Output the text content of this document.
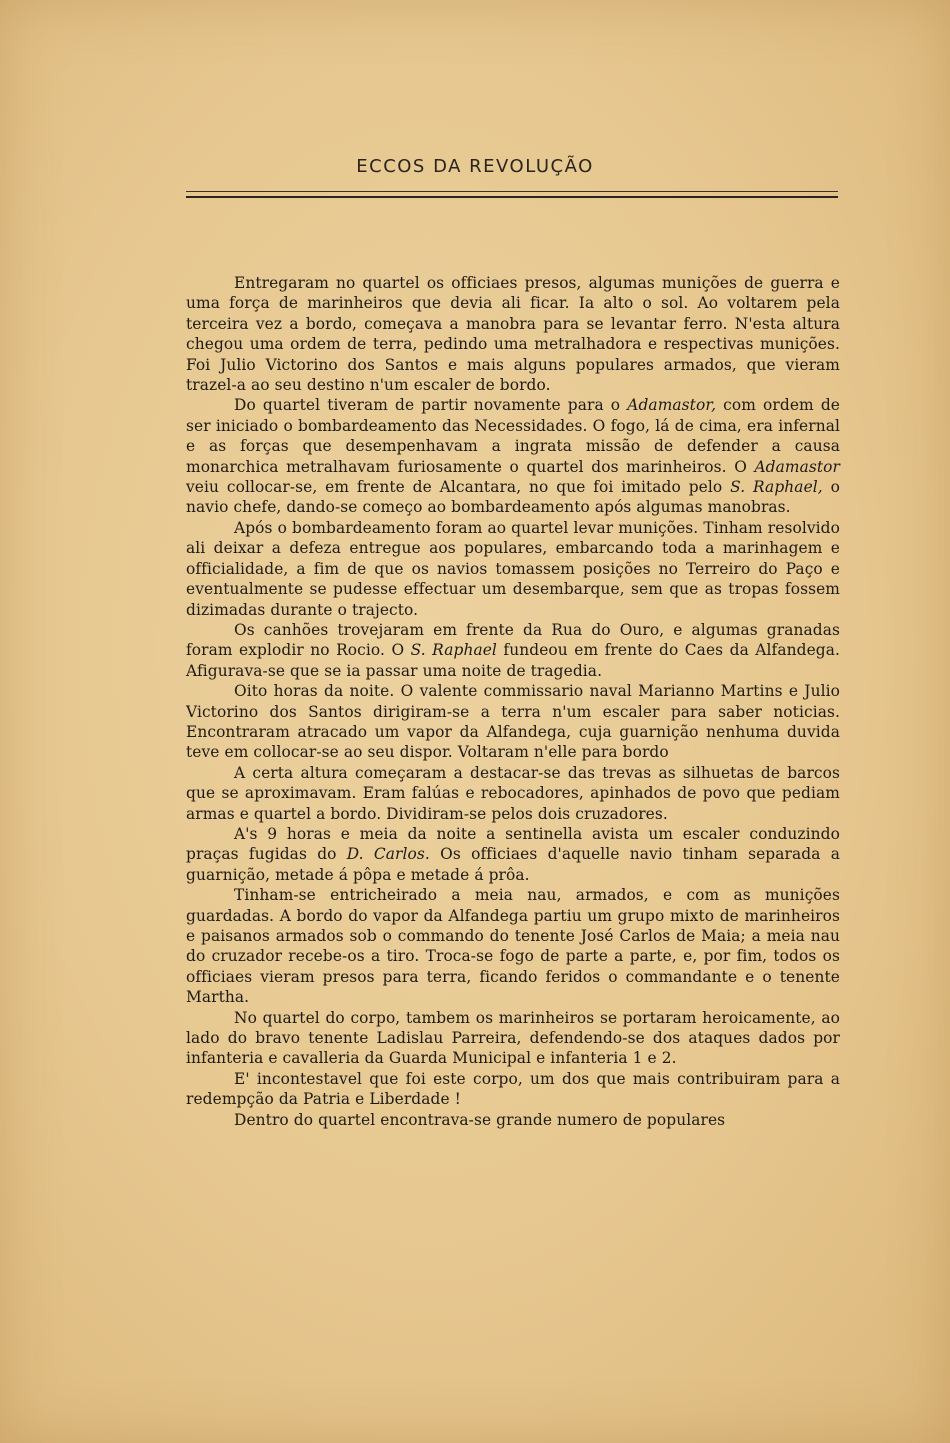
ECCOS DA REVOLUÇÃO

Entregaram no quartel os officiaes presos, algumas munições de guerra e uma força de marinheiros que devia ali ficar. Ia alto o sol. Ao voltarem pela terceira vez a bordo, começava a manobra para se levantar ferro. N'esta altura chegou uma ordem de terra, pedindo uma metralhadora e respectivas munições. Foi Julio Victorino dos Santos e mais alguns populares armados, que vieram trazel-a ao seu destino n'um escaler de bordo.

Do quartel tiveram de partir novamente para o Adamastor, com ordem de ser iniciado o bombardeamento das Necessidades. O fogo, lá de cima, era infernal e as forças que desempenhavam a ingrata missão de defender a causa monarchica metralhavam furiosamente o quartel dos marinheiros. O Adamastor veiu collocar-se, em frente de Alcantara, no que foi imitado pelo S. Raphael, o navio chefe, dando-se começo ao bombardeamento após algumas manobras.

Após o bombardeamento foram ao quartel levar munições. Tinham resolvido ali deixar a defeza entregue aos populares, embarcando toda a marinhagem e officialidade, a fim de que os navios tomassem posições no Terreiro do Paço e eventualmente se pudesse effectuar um desembarque, sem que as tropas fossem dizimadas durante o trajecto.

Os canhões trovejaram em frente da Rua do Ouro, e algumas granadas foram explodir no Rocio. O S. Raphael fundeou em frente do Caes da Alfandega. Afigurava-se que se ia passar uma noite de tragedia.

Oito horas da noite. O valente commissario naval Marianno Martins e Julio Victorino dos Santos dirigiram-se a terra n'um escaler para saber noticias. Encontraram atracado um vapor da Alfandega, cuja guarnição nenhuma duvida teve em collocar-se ao seu dispor. Voltaram n'elle para bordo

A certa altura começaram a destacar-se das trevas as silhuetas de barcos que se aproximavam. Eram falúas e rebocadores, apinhados de povo que pediam armas e quartel a bordo. Dividiram-se pelos dois cruzadores.

A's 9 horas e meia da noite a sentinella avista um escaler conduzindo praças fugidas do D. Carlos. Os officiaes d'aquelle navio tinham separada a guarnição, metade á pôpa e metade á prôa.

Tinham-se entricheirado a meia nau, armados, e com as munições guardadas. A bordo do vapor da Alfandega partiu um grupo mixto de marinheiros e paisanos armados sob o commando do tenente José Carlos de Maia; a meia nau do cruzador recebe-os a tiro. Troca-se fogo de parte a parte, e, por fim, todos os officiaes vieram presos para terra, ficando feridos o commandante e o tenente Martha.

No quartel do corpo, tambem os marinheiros se portaram heroicamente, ao lado do bravo tenente Ladislau Parreira, defendendo-se dos ataques dados por infanteria e cavalleria da Guarda Municipal e infanteria 1 e 2.

E' incontestavel que foi este corpo, um dos que mais contribuiram para a redempção da Patria e Liberdade !

Dentro do quartel encontrava-se grande numero de populares
